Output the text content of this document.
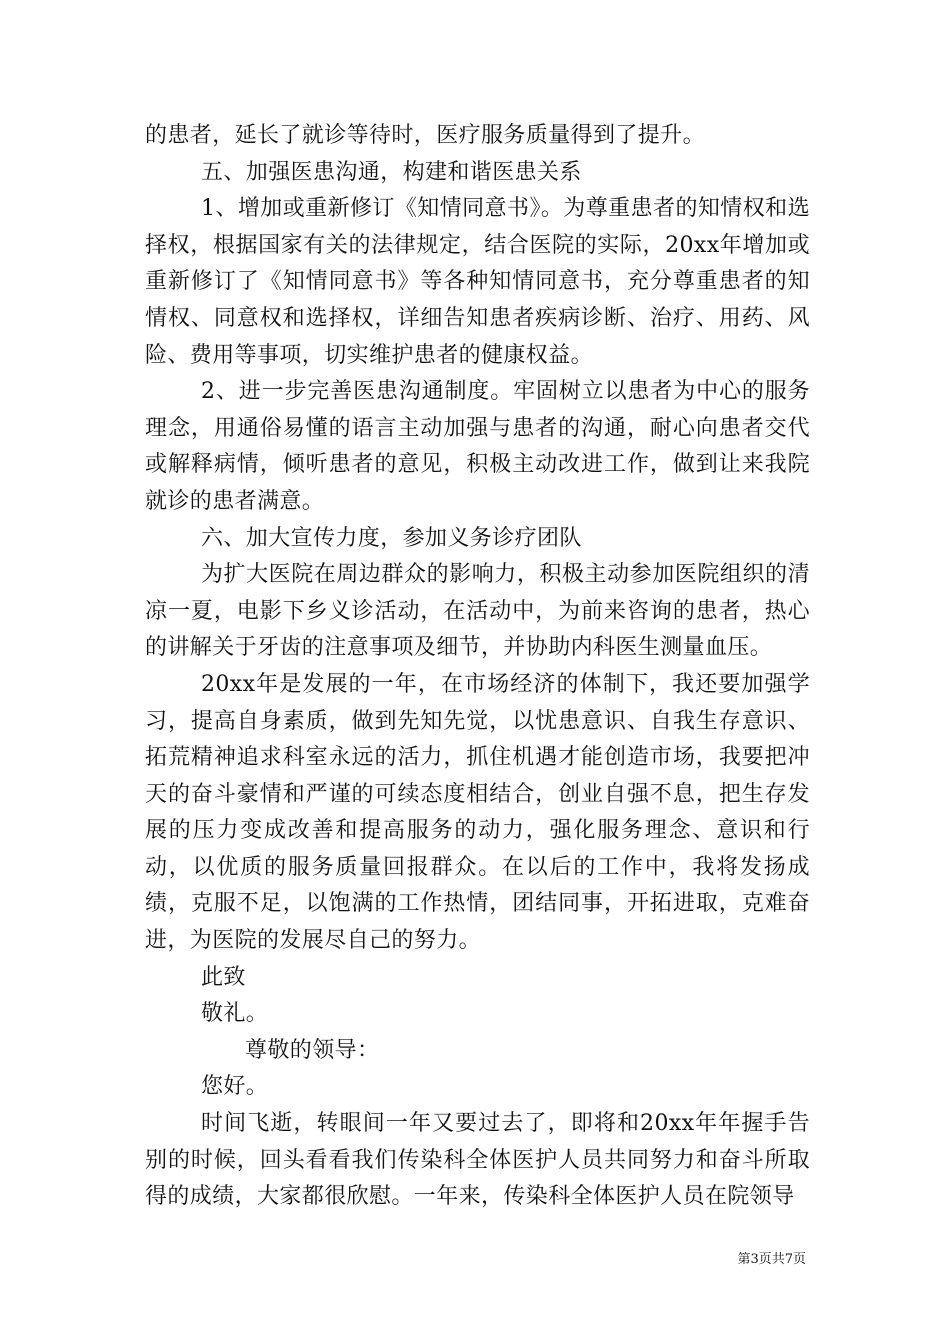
的患者，延长了就诊等待时，医疗服务质量得到了提升。

五、加强医患沟通，构建和谐医患关系

1、增加或重新修订《知情同意书》。为尊重患者的知情权和选择权，根据国家有关的法律规定，结合医院的实际，20xx年增加或重新修订了《知情同意书》等各种知情同意书，充分尊重患者的知情权、同意权和选择权，详细告知患者疾病诊断、治疗、用药、风险、费用等事项，切实维护患者的健康权益。

2、进一步完善医患沟通制度。牢固树立以患者为中心的服务理念，用通俗易懂的语言主动加强与患者的沟通，耐心向患者交代或解释病情，倾听患者的意见，积极主动改进工作，做到让来我院就诊的患者满意。

六、加大宣传力度，参加义务诊疗团队

为扩大医院在周边群众的影响力，积极主动参加医院组织的清凉一夏，电影下乡义诊活动，在活动中，为前来咨询的患者，热心的讲解关于牙齿的注意事项及细节，并协助内科医生测量血压。

20xx年是发展的一年，在市场经济的体制下，我还要加强学习，提高自身素质，做到先知先觉，以忧患意识、自我生存意识、拓荒精神追求科室永远的活力，抓住机遇才能创造市场，我要把冲天的奋斗豪情和严谨的可续态度相结合，创业自强不息，把生存发展的压力变成改善和提高服务的动力，强化服务理念、意识和行动，以优质的服务质量回报群众。在以后的工作中，我将发扬成绩，克服不足，以饱满的工作热情，团结同事，开拓进取，克难奋进，为医院的发展尽自己的努力。

此致

敬礼。

尊敬的领导：

您好。

时间飞逝，转眼间一年又要过去了，即将和20xx年年握手告别的时候，回头看看我们传染科全体医护人员共同努力和奋斗所取得的成绩，大家都很欣慰。一年来，传染科全体医护人员在院领导

第3页共7页
